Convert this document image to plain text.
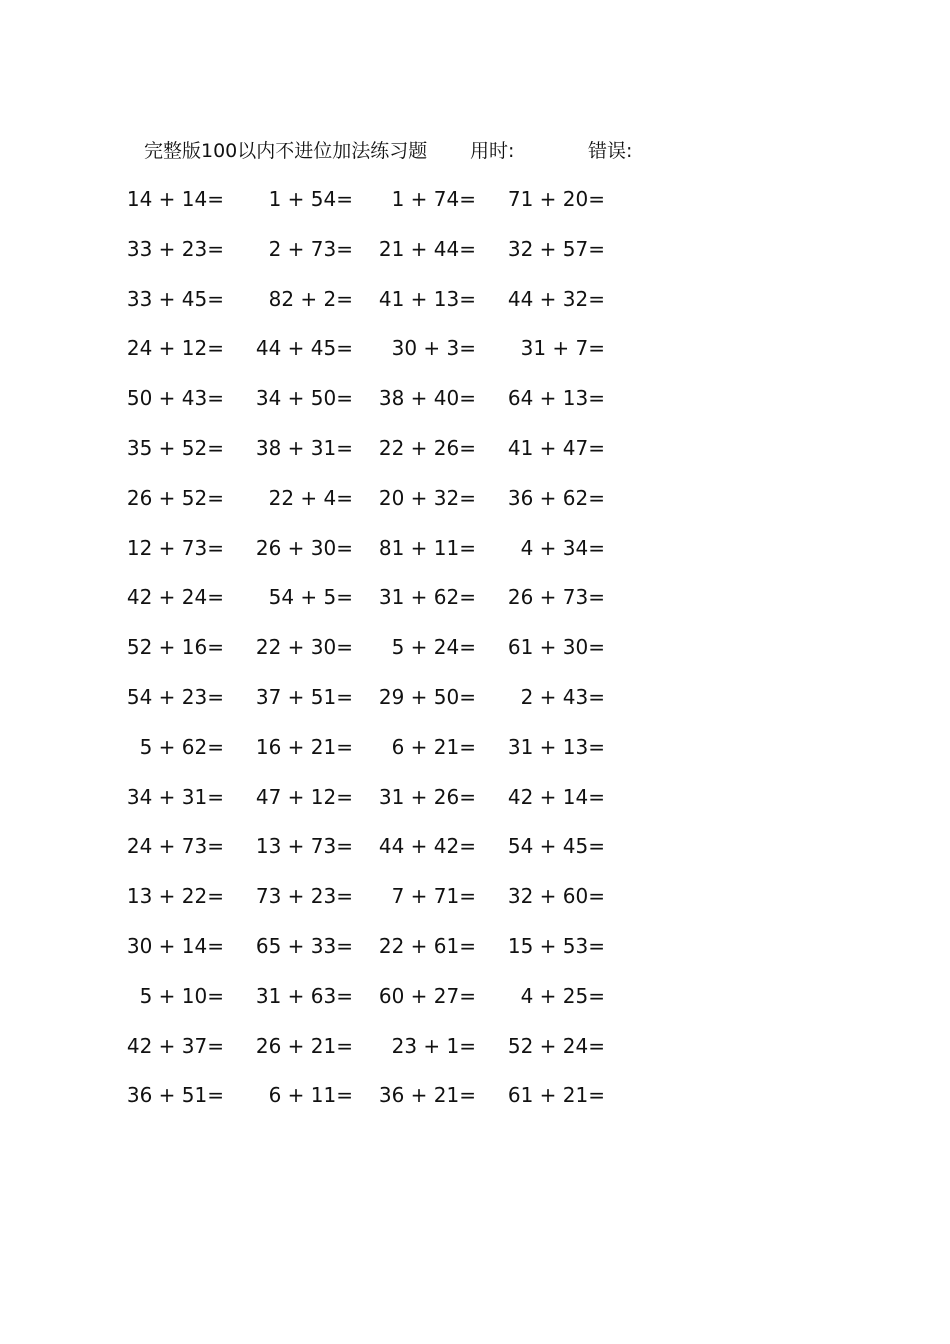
完整版100以内不进位加法练习题 用时:	错误:
14 + 14=	1 + 54=	1 + 74= 71 + 20=
33 + 23=	2 + 73= 21 + 44= 32 + 57=
33 + 45=	82 + 2= 41 + 13= 44 + 32=
24 + 12= 44 + 45=	30 + 3=	31 + 7=
50 + 43= 34 + 50= 38 + 40= 64 + 13=
35 + 52= 38 + 31= 22 + 26= 41 + 47=
26 + 52=	22 + 4= 20 + 32= 36 + 62=
12 + 73= 26 + 30= 81 + 11=	4 + 34=
42 + 24=	54 + 5= 31 + 62= 26 + 73=
52 + 16= 22 + 30=	5 + 24= 61 + 30=
54 + 23= 37 + 51= 29 + 50=	2 + 43=
5 + 62= 16 + 21=	6 + 21= 31 + 13=
34 + 31= 47 + 12= 31 + 26= 42 + 14=
24 + 73= 13 + 73= 44 + 42= 54 + 45=
13 + 22= 73 + 23=	7 + 71= 32 + 60=
30 + 14= 65 + 33= 22 + 61= 15 + 53=
5 + 10= 31 + 63= 60 + 27=	4 + 25=
42 + 37= 26 + 21=	23 + 1= 52 + 24=
36 + 51=	6 + 11= 36 + 21= 61 + 21=
